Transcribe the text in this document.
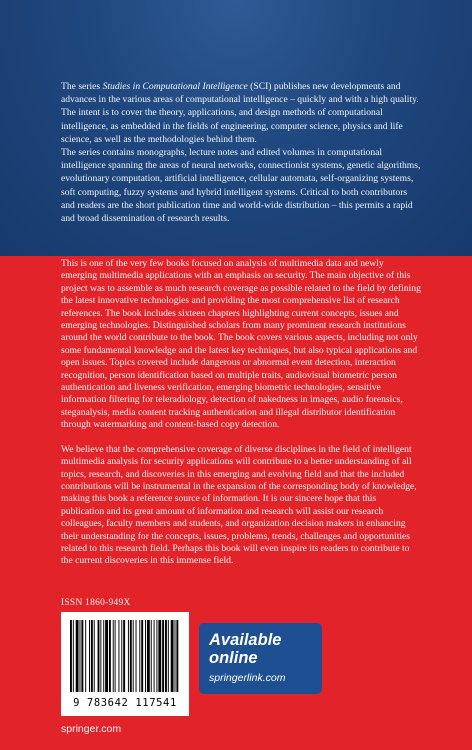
The series Studies in Computational Intelligence (SCI) publishes new developments and advances in the various areas of computational intelligence – quickly and with a high quality. The intent is to cover the theory, applications, and design methods of computational intelligence, as embedded in the fields of engineering, computer science, physics and life science, as well as the methodologies behind them.

The series contains monographs, lecture notes and edited volumes in computational intelligence spanning the areas of neural networks, connectionist systems, genetic algorithms, evolutionary computation, artificial intelligence, cellular automata, self-organizing systems, soft computing, fuzzy systems and hybrid intelligent systems. Critical to both contributors and readers are the short publication time and world-wide distribution – this permits a rapid and broad dissemination of research results.

This is one of the very few books focused on analysis of multimedia data and newly emerging multimedia applications with an emphasis on security. The main objective of this project was to assemble as much research coverage as possible related to the field by defining the latest innovative technologies and providing the most comprehensive list of research references. The book includes sixteen chapters highlighting current concepts, issues and emerging technologies. Distinguished scholars from many prominent research institutions around the world contribute to the book. The book covers various aspects, including not only some fundamental knowledge and the latest key techniques, but also typical applications and open issues. Topics covered include dangerous or abnormal event detection, interaction recognition, person identification based on multiple traits, audiovisual biometric person authentication and liveness verification, emerging biometric technologies, sensitive information filtering for teleradiology, detection of nakedness in images, audio forensics, steganalysis, media content tracking authentication and illegal distributor identification through watermarking and content-based copy detection.

We believe that the comprehensive coverage of diverse disciplines in the field of intelligent multimedia analysis for security applications will contribute to a better understanding of all topics, research, and discoveries in this emerging and evolving field and that the included contributions will be instrumental in the expansion of the corresponding body of knowledge, making this book a reference source of information. It is our sincere hope that this publication and its great amount of information and research will assist our research colleagues, faculty members and students, and organization decision makers in enhancing their understanding for the concepts, issues, problems, trends, challenges and opportunities related to this research field. Perhaps this book will even inspire its readers to contribute to the current discoveries in this immense field.

ISSN 1860-949X
9 783642 117541
Available
online
springerlink.com
springer.com
